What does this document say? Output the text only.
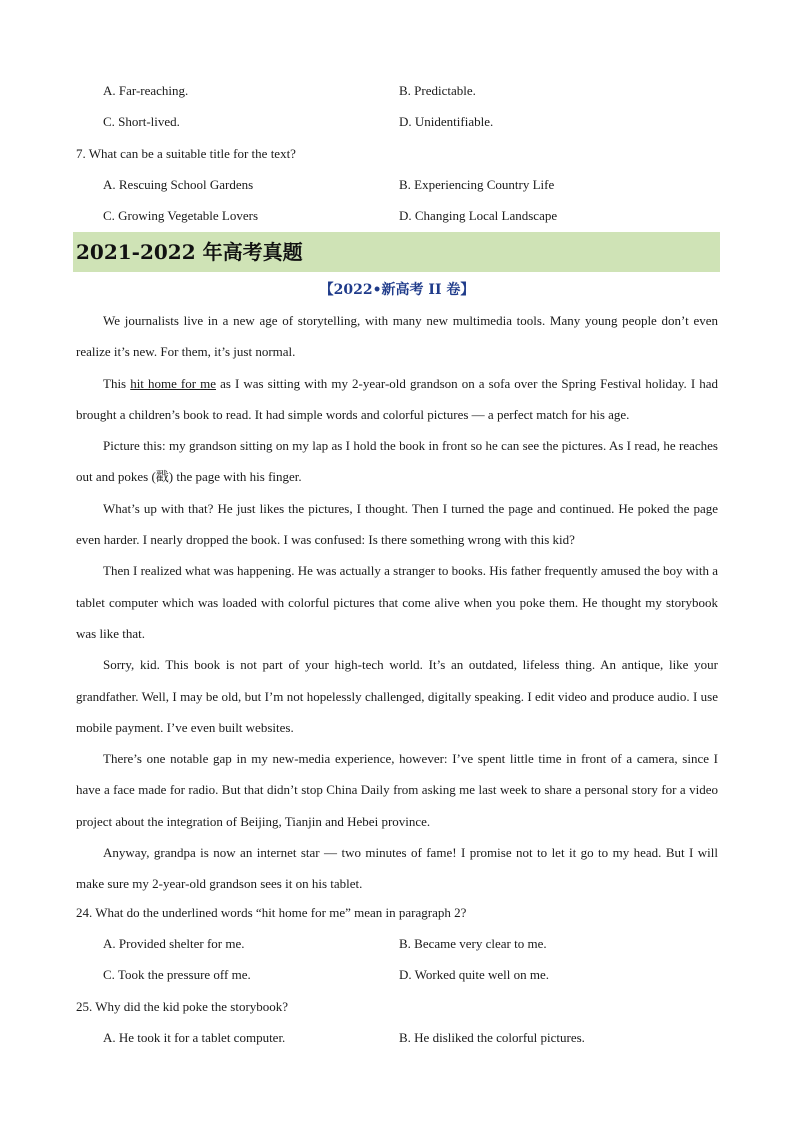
A. Far-reaching.	B. Predictable.
C. Short-lived.	D. Unidentifiable.
7. What can be a suitable title for the text?
A. Rescuing School Gardens	B. Experiencing Country Life
C. Growing Vegetable Lovers	D. Changing Local Landscape
2021-2022 年高考真题
【2022•新高考 II 卷】

We journalists live in a new age of storytelling, with many new multimedia tools. Many young people don’t even realize it’s new. For them, it’s just normal.

This hit home for me as I was sitting with my 2-year-old grandson on a sofa over the Spring Festival holiday. I had brought a children’s book to read. It had simple words and colorful pictures — a perfect match for his age.

Picture this: my grandson sitting on my lap as I hold the book in front so he can see the pictures. As I read, he reaches out and pokes (戳) the page with his finger.

What’s up with that? He just likes the pictures, I thought. Then I turned the page and continued. He poked the page even harder. I nearly dropped the book. I was confused: Is there something wrong with this kid?

Then I realized what was happening. He was actually a stranger to books. His father frequently amused the boy with a tablet computer which was loaded with colorful pictures that come alive when you poke them. He thought my storybook was like that.

Sorry, kid. This book is not part of your high-tech world. It’s an outdated, lifeless thing. An antique, like your grandfather. Well, I may be old, but I’m not hopelessly challenged, digitally speaking. I edit video and produce audio. I use mobile payment. I’ve even built websites.

There’s one notable gap in my new-media experience, however: I’ve spent little time in front of a camera, since I have a face made for radio. But that didn’t stop China Daily from asking me last week to share a personal story for a video project about the integration of Beijing, Tianjin and Hebei province.

Anyway, grandpa is now an internet star — two minutes of fame! I promise not to let it go to my head. But I will make sure my 2-year-old grandson sees it on his tablet.

24. What do the underlined words “hit home for me” mean in paragraph 2?
A. Provided shelter for me.	B. Became very clear to me.
C. Took the pressure off me.	D. Worked quite well on me.
25. Why did the kid poke the storybook?
A. He took it for a tablet computer.	B. He disliked the colorful pictures.
